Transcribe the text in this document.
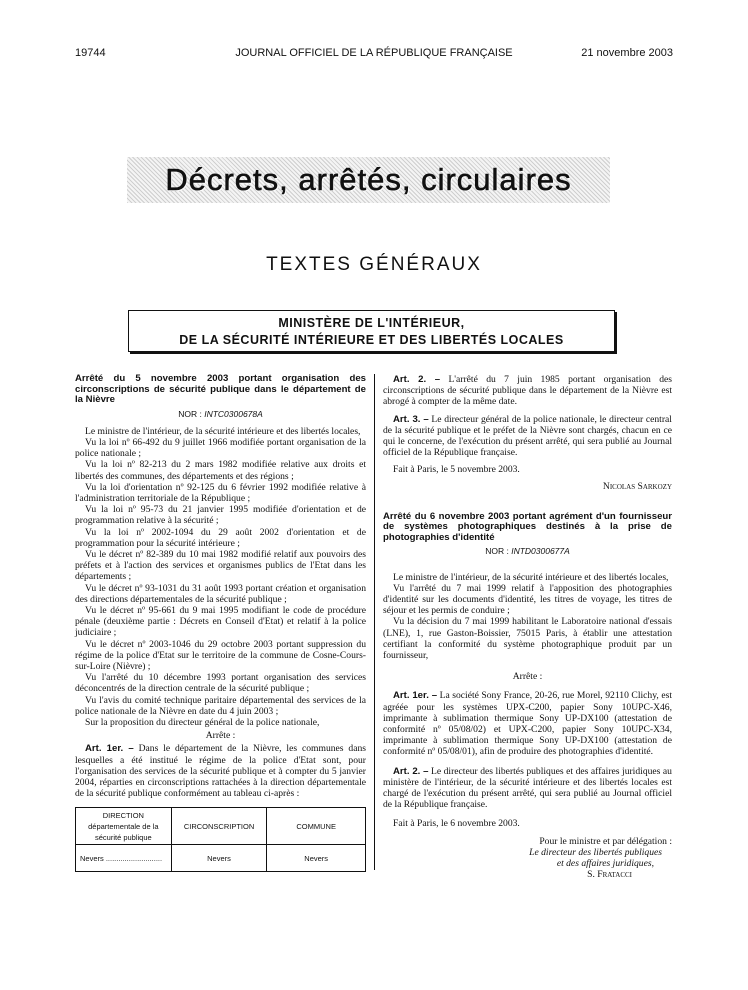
19744	JOURNAL OFFICIEL DE LA RÉPUBLIQUE FRANÇAISE	21 novembre 2003
Décrets, arrêtés, circulaires
TEXTES GÉNÉRAUX
MINISTÈRE DE L'INTÉRIEUR,
DE LA SÉCURITÉ INTÉRIEURE ET DES LIBERTÉS LOCALES

Arrêté du 5 novembre 2003 portant organisation des circonscriptions de sécurité publique dans le département de la Nièvre

NOR : INTC0300678A

Le ministre de l'intérieur, de la sécurité intérieure et des libertés locales,

Vu la loi nº 66-492 du 9 juillet 1966 modifiée portant organisation de la police nationale ;

Vu la loi nº 82-213 du 2 mars 1982 modifiée relative aux droits et libertés des communes, des départements et des régions ;

Vu la loi d'orientation nº 92-125 du 6 février 1992 modifiée relative à l'administration territoriale de la République ;

Vu la loi nº 95-73 du 21 janvier 1995 modifiée d'orientation et de programmation relative à la sécurité ;

Vu la loi nº 2002-1094 du 29 août 2002 d'orientation et de programmation pour la sécurité intérieure ;

Vu le décret nº 82-389 du 10 mai 1982 modifié relatif aux pouvoirs des préfets et à l'action des services et organismes publics de l'Etat dans les départements ;

Vu le décret nº 93-1031 du 31 août 1993 portant création et organisation des directions départementales de la sécurité publique ;

Vu le décret nº 95-661 du 9 mai 1995 modifiant le code de procédure pénale (deuxième partie : Décrets en Conseil d'Etat) et relatif à la police judiciaire ;

Vu le décret nº 2003-1046 du 29 octobre 2003 portant suppression du régime de la police d'Etat sur le territoire de la commune de Cosne-Cours-sur-Loire (Nièvre) ;

Vu l'arrêté du 10 décembre 1993 portant organisation des services déconcentrés de la direction centrale de la sécurité publique ;

Vu l'avis du comité technique paritaire départemental des services de la police nationale de la Nièvre en date du 4 juin 2003 ;

Sur la proposition du directeur général de la police nationale,

Arrête :

Art. 1er. – Dans le département de la Nièvre, les communes dans lesquelles a été institué le régime de la police d'Etat sont, pour l'organisation des services de la sécurité publique et à compter du 5 janvier 2004, réparties en circonscriptions rattachées à la direction départementale de la sécurité publique conformément au tableau ci-après :

DIRECTION départementale de la sécurité publique	CIRCONSCRIPTION	COMMUNE
Nevers ...........................	Nevers	Nevers

Art. 2. – L'arrêté du 7 juin 1985 portant organisation des circonscriptions de sécurité publique dans le département de la Nièvre est abrogé à compter de la même date.

Art. 3. – Le directeur général de la police nationale, le directeur central de la sécurité publique et le préfet de la Nièvre sont chargés, chacun en ce qui le concerne, de l'exécution du présent arrêté, qui sera publié au Journal officiel de la République française.

Fait à Paris, le 5 novembre 2003.

Nicolas Sarkozy

Arrêté du 6 novembre 2003 portant agrément d'un fournisseur de systèmes photographiques destinés à la prise de photographies d'identité

NOR : INTD0300677A

Le ministre de l'intérieur, de la sécurité intérieure et des libertés locales,

Vu l'arrêté du 7 mai 1999 relatif à l'apposition des photographies d'identité sur les documents d'identité, les titres de voyage, les titres de séjour et les permis de conduire ;

Vu la décision du 7 mai 1999 habilitant le Laboratoire national d'essais (LNE), 1, rue Gaston-Boissier, 75015 Paris, à établir une attestation certifiant la conformité du système photographique produit par un fournisseur,

Arrête :

Art. 1er. – La société Sony France, 20-26, rue Morel, 92110 Clichy, est agréée pour les systèmes UPX-C200, papier Sony 10UPC-X46, imprimante à sublimation thermique Sony UP-DX100 (attestation de conformité nº 05/08/02) et UPX-C200, papier Sony 10UPC-X34, imprimante à sublimation thermique Sony UP-DX100 (attestation de conformité nº 05/08/01), afin de produire des photographies d'identité.

Art. 2. – Le directeur des libertés publiques et des affaires juridiques au ministère de l'intérieur, de la sécurité intérieure et des libertés locales est chargé de l'exécution du présent arrêté, qui sera publié au Journal officiel de la République française.

Fait à Paris, le 6 novembre 2003.

Pour le ministre et par délégation :

Le directeur des libertés publiques

et des affaires juridiques,

S. Fratacci
